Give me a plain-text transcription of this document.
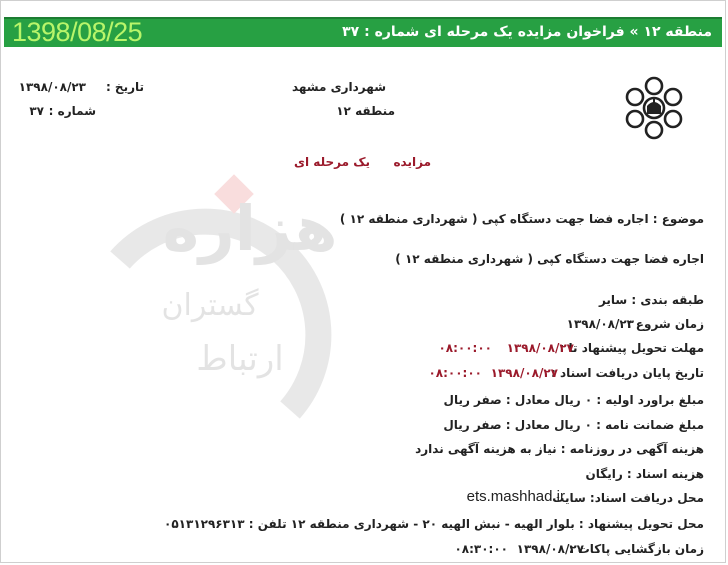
1398/08/25	منطقه ۱۲ » فراخوان مزایده یک مرحله ای شماره : ۳۷
هزاره
گستران
ارتباط
شهرداری مشهد
منطقه ۱۲
تاریخ :
۱۳۹۸/۰۸/۲۳
شماره :
۳۷
مزایده
یک مرحله ای
موضوع : اجاره فضا جهت دستگاه کپی ( شهرداری منطقه ۱۲ )
اجاره فضا جهت دستگاه کپی ( شهرداری منطقه ۱۲ )
طبقه بندی : سایر
زمان شروع :
۱۳۹۸/۰۸/۲۳
مهلت تحویل پیشنهاد تا :
۱۳۹۸/۰۸/۲۷
۰۸:۰۰:۰۰
تاریخ پایان دریافت اسناد :
۱۳۹۸/۰۸/۲۷
۰۸:۰۰:۰۰
مبلغ براورد اولیه : ۰ ریال معادل : صفر ریال
مبلغ ضمانت نامه : ۰ ریال معادل : صفر ریال
هزینه آگهی در روزنامه : نیاز به هزینه آگهی ندارد
هزینه اسناد : رایگان
محل دریافت اسناد: سایت
ets.mashhad.ir
محل تحویل پیشنهاد : بلوار الهیه - نبش الهیه ۲۰ - شهرداری منطقه ۱۲ تلفن : ۰۵۱۳۱۲۹۶۳۱۳
زمان بازگشایی پاکات :
۱۳۹۸/۰۸/۲۷
۰۸:۳۰:۰۰
